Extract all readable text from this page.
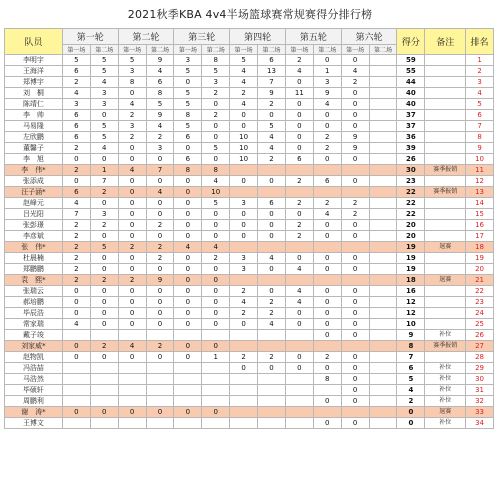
2021秋季KBA 4v4半场篮球赛常规赛得分排行榜
队员	第一轮		第二轮		第三轮		第四轮		第五轮		第六轮		得分	备注	排名
	第一场	第二场	第一场	第二场	第一场	第二场	第一场	第二场	第一场	第二场	第一场	第二场			
李明宇	5	5	5	9	3	8	5	6	2	0	0		59		1
王海洋	6	5	3	4	5	5	4	13	4	1	4		55		2
郑博宇	2	4	8	6	0	3	4	7	0	3	2		44		3
刘　桐	4	3	0	8	5	2	2	9	11	9	0		40		4
陈靖仁	3	3	4	5	5	0	4	2	0	4	0		40		5
李　帅	6	0	2	9	8	2	0	0	0	0	0		37		6
马易隆	6	5	3	4	5	0	0	5	0	0	0		37		7
左欣鹏	6	5	2	2	6	0	10	4	0	2	9		36		8
董馨子	2	4	0	3	0	5	10	4	0	2	9		39		9
李　旭	0	0	0	0	6	0	10	2	6	0	0		26		10
李　伟*	2	1	4	7	8	8							30	赛季报销	11
张添成	0	7	0	0	0	4	0	0	2	6	0		23		12
汪子涵*	6	2	0	4	0	10							22	赛季报销	13
赵峰元	4	0	0	0	0	5	3	6	2	2	2		22		14
吕光阳	7	3	0	0	0	0	0	0	0	4	2		22		15
张彭璟	2	2	0	2	0	0	0	0	2	0	0		20		16
李彦斌	2	0	0	0	0	0	0	0	2	0	0		20		17
张　伟*	2	5	2	2	4	4							19	退赛	18
杜晨楠	2	0	0	2	0	2	3	4	0	0	0		19		19
郑鹏鹏	2	0	0	0	0	0	3	0	4	0	0		19		20
袁　熙*	2	2	2	9	0	0							18	退赛	21
张瑞云	0	0	0	0	0	0	2	0	4	0	0		16		22
郝培鹏	0	0	0	0	0	0	4	2	4	0	0		12		23
毕辰浩	0	0	0	0	0	0	2	2	0	0	0		12		24
常家瑞	4	0	0	0	0	0	0	4	0	0	0		10		25
戴子竣										0	0		9	补位	26
刘家威*	0	2	4	2	0	0							8	赛季报销	27
赵物凯	0	0	0	0	0	1	2	2	0	2	0		7		28
冯浩喆							0	0	0	0	0		6	补位	29
马浩然										8	0		5	补位	30
毕硕轩											0		4	补位	31
周鹏利										0	0		2	补位	32
谢　涛*	0	0	0	0	0	0							0	退赛	33
王博文										0	0		0	补位	34
